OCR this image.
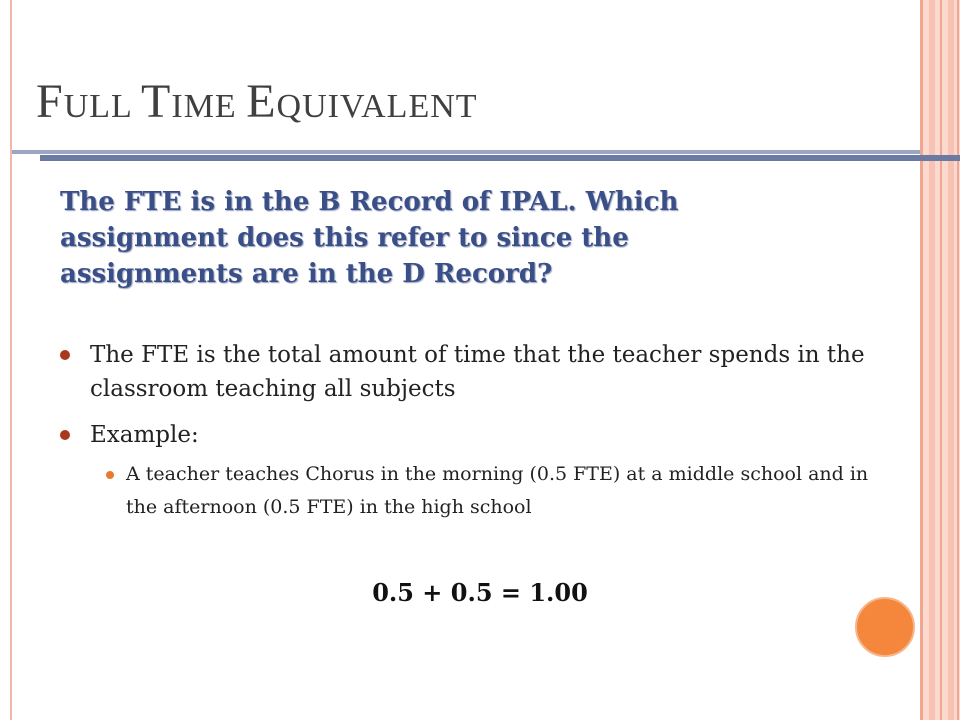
FULL TIME EQUIVALENT

The FTE is in the B Record of IPAL. Which assignment does this refer to since the assignments are in the D Record?

The FTE is the total amount of time that the teacher spends in the classroom teaching all subjects
Example:
A teacher teaches Chorus in the morning (0.5 FTE) at a middle school and in the afternoon (0.5 FTE) in the high school

0.5 + 0.5 = 1.00
